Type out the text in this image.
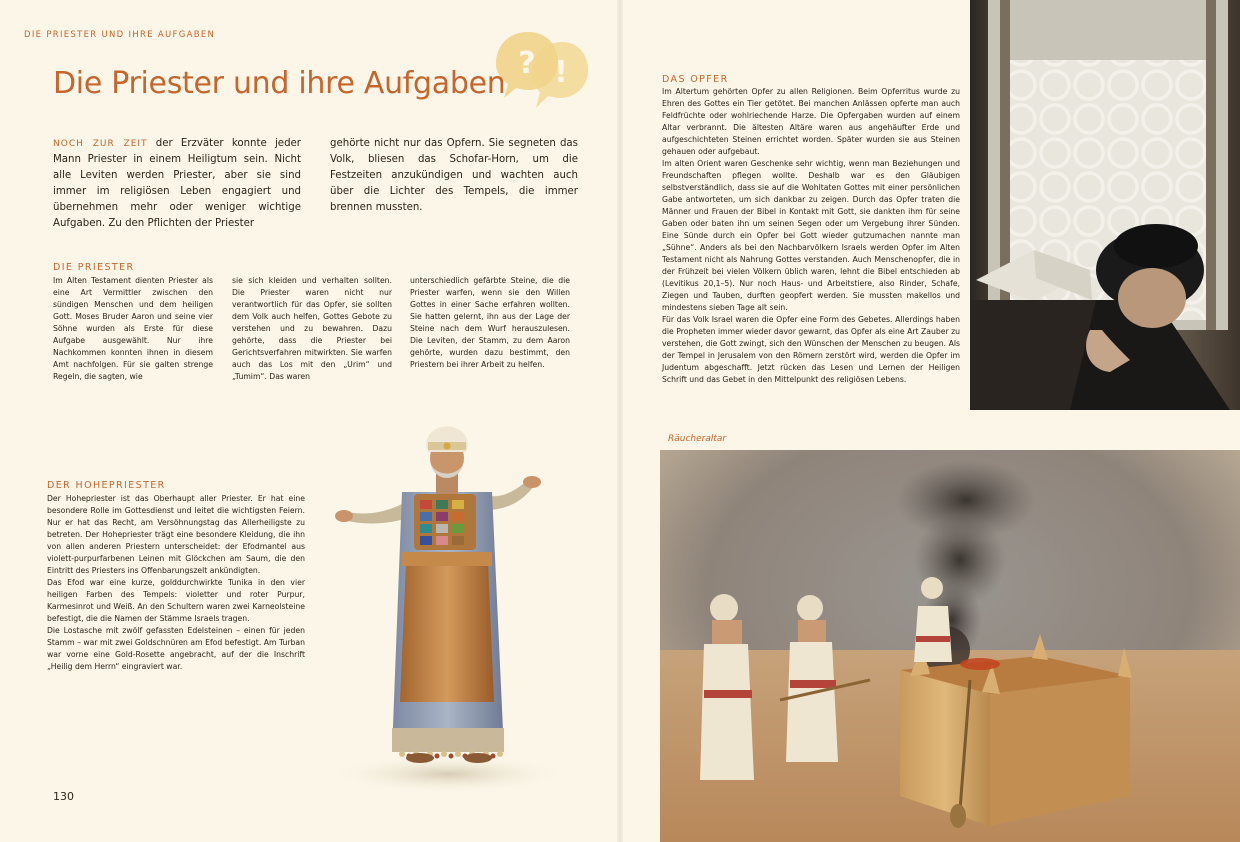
DIE PRIESTER UND IHRE AUFGABEN
? !
Die Priester und ihre Aufgaben
NOCH ZUR ZEIT der Erzväter konnte jeder Mann Priester in einem Heiligtum sein. Nicht alle Leviten werden Priester, aber sie sind immer im religiösen Leben engagiert und übernehmen mehr oder weniger wichtige Aufgaben. Zu den Pflichten der Priester
gehörte nicht nur das Opfern. Sie segneten das Volk, bliesen das Schofar-Horn, um die Festzeiten anzukündigen und wachten auch über die Lichter des Tempels, die immer brennen mussten.
DIE PRIESTER
Im Alten Testament dienten Priester als eine Art Vermittler zwischen den sündigen Menschen und dem heiligen Gott. Moses Bruder Aaron und seine vier Söhne wurden als Erste für diese Aufgabe ausgewählt. Nur ihre Nachkommen konnten ihnen in diesem Amt nachfolgen. Für sie galten strenge Regeln, die sagten, wie
sie sich kleiden und verhalten sollten. Die Priester waren nicht nur verantwortlich für das Opfer, sie sollten dem Volk auch helfen, Gottes Gebote zu verstehen und zu bewahren. Dazu gehörte, dass die Priester bei Gerichtsverfahren mitwirkten. Sie warfen auch das Los mit den „Urim“ und „Tumim“. Das waren
unterschiedlich gefärbte Steine, die die Priester warfen, wenn sie den Willen Gottes in einer Sache erfahren wollten. Sie hatten gelernt, ihn aus der Lage der Steine nach dem Wurf herauszulesen. Die Leviten, der Stamm, zu dem Aaron gehörte, wurden dazu bestimmt, den Priestern bei ihrer Arbeit zu helfen.
DER HOHEPRIESTER
Der Hohepriester ist das Oberhaupt aller Priester. Er hat eine besondere Rolle im Gottesdienst und leitet die wichtigsten Feiern. Nur er hat das Recht, am Versöhnungstag das Allerheiligste zu betreten. Der Hohepriester trägt eine besondere Kleidung, die ihn von allen anderen Priestern unterscheidet: der Efodmantel aus violett-purpurfarbenen Leinen mit Glöckchen am Saum, die den Eintritt des Priesters ins Offenbarungszelt ankündigten.
Das Efod war eine kurze, golddurchwirkte Tunika in den vier heiligen Farben des Tempels: violetter und roter Purpur, Karmesinrot und Weiß. An den Schultern waren zwei Karneolsteine befestigt, die die Namen der Stämme Israels tragen.
Die Lostasche mit zwölf gefassten Edelsteinen – einen für jeden Stamm – war mit zwei Goldschnüren am Efod befestigt. Am Turban war vorne eine Gold-Rosette angebracht, auf der die Inschrift „Heilig dem Herrn“ eingraviert war.
130
DAS OPFER
Im Altertum gehörten Opfer zu allen Religionen. Beim Opferritus wurde zu Ehren des Gottes ein Tier getötet. Bei manchen Anlässen opferte man auch Feldfrüchte oder wohlriechende Harze. Die Opfergaben wurden auf einem Altar verbrannt. Die ältesten Altäre waren aus angehäufter Erde und aufgeschichteten Steinen errichtet worden. Später wurden sie aus Steinen gehauen oder aufgebaut.
Im alten Orient waren Geschenke sehr wichtig, wenn man Beziehungen und Freundschaften pflegen wollte. Deshalb war es den Gläubigen selbstverständlich, dass sie auf die Wohltaten Gottes mit einer persönlichen Gabe antworteten, um sich dankbar zu zeigen. Durch das Opfer traten die Männer und Frauen der Bibel in Kontakt mit Gott, sie dankten ihm für seine Gaben oder baten ihn um seinen Segen oder um Vergebung ihrer Sünden. Eine Sünde durch ein Opfer bei Gott wieder gutzumachen nannte man „Sühne“. Anders als bei den Nachbarvölkern Israels werden Opfer im Alten Testament nicht als Nahrung Gottes verstanden. Auch Menschenopfer, die in der Frühzeit bei vielen Völkern üblich waren, lehnt die Bibel entschieden ab (Levitikus 20,1–5). Nur noch Haus- und Arbeitstiere, also Rinder, Schafe, Ziegen und Tauben, durften geopfert werden. Sie mussten makellos und mindestens sieben Tage alt sein.
Für das Volk Israel waren die Opfer eine Form des Gebetes. Allerdings haben die Propheten immer wieder davor gewarnt, das Opfer als eine Art Zauber zu verstehen, die Gott zwingt, sich den Wünschen der Menschen zu beugen. Als der Tempel in Jerusalem von den Römern zerstört wird, werden die Opfer im Judentum abgeschafft. Jetzt rücken das Lesen und Lernen der Heiligen Schrift und das Gebet in den Mittelpunkt des religiösen Lebens.
Räucheraltar
